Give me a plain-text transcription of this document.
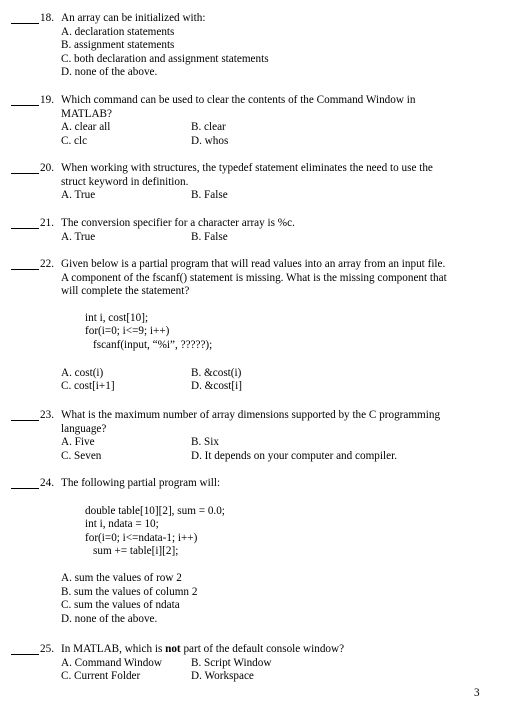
18. An array can be initialized with:
A. declaration statements
B. assignment statements
C. both declaration and assignment statements
D. none of the above.
19. Which command can be used to clear the contents of the Command Window in
MATLAB?
A. clear all	B. clear
C. clc	D. whos
20. When working with structures, the typedef statement eliminates the need to use the
struct keyword in definition.
A. True	B. False
21. The conversion specifier for a character array is %c.
A. True	B. False
22. Given below is a partial program that will read values into an array from an input file.
A component of the fscanf() statement is missing. What is the missing component that
will complete the statement?
int i, cost[10];
for(i=0; i<=9; i++)
fscanf(input, “%i”, ?????);
A. cost(i)	B. &cost(i)
C. cost[i+1]	D. &cost[i]
23. What is the maximum number of array dimensions supported by the C programming
language?
A. Five	B. Six
C. Seven	D. It depends on your computer and compiler.
24. The following partial program will:
double table[10][2], sum = 0.0;
int i, ndata = 10;
for(i=0; i<=ndata-1; i++)
sum += table[i][2];
A. sum the values of row 2
B. sum the values of column 2
C. sum the values of ndata
D. none of the above.
25. In MATLAB, which is not part of the default console window?
A. Command Window	B. Script Window
C. Current Folder	D. Workspace
3
